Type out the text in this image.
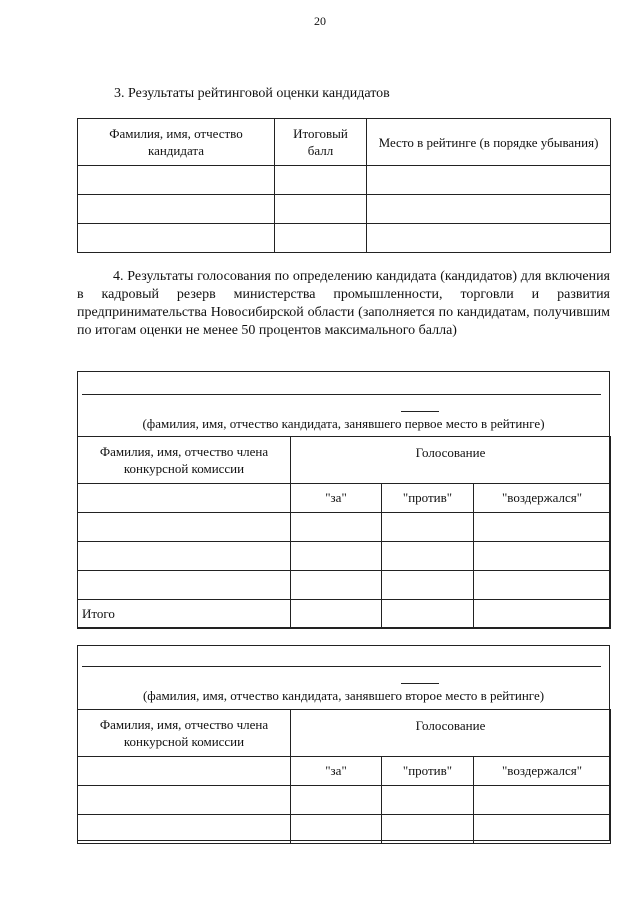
20
3. Результаты рейтинговой оценки кандидатов
Фамилия, имя, отчество кандидата	Итоговый балл	Место в рейтинге (в порядке убывания)

4. Результаты голосования по определению кандидата (кандидатов) для включения в кадровый резерв министерства промышленности, торговли и развития предпринимательства Новосибирской области (заполняется по кандидатам, получившим по итогам оценки не менее 50 процентов максимального балла)
(фамилия, имя, отчество кандидата, занявшего первое место в рейтинге)
Фамилия, имя, отчество члена конкурсной комиссии	Голосование		
	"за"	"против"	"воздержался"

Итого			
(фамилия, имя, отчество кандидата, занявшего второе место в рейтинге)
Фамилия, имя, отчество члена конкурсной комиссии	Голосование		
	"за"	"против"	"воздержался"
